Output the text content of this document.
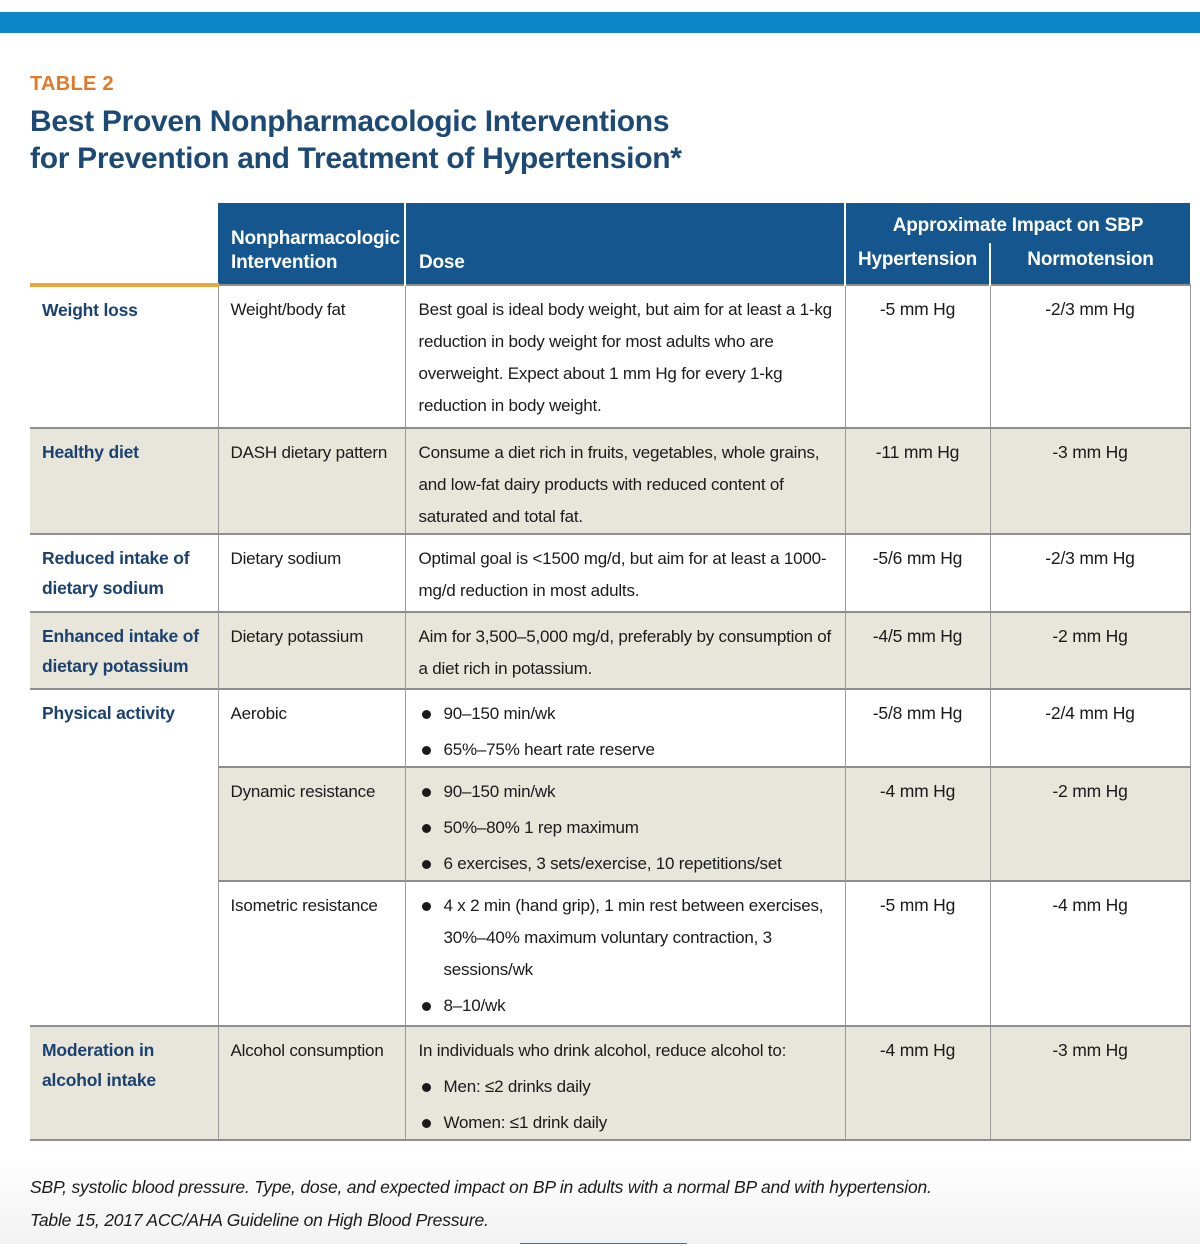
TABLE 2
Best Proven Nonpharmacologic Interventions
for Prevention and Treatment of Hypertension*
	Nonpharmacologic Intervention	Dose	Approximate Impact on SBP	
			Hypertension	Normotension
Weight loss	Weight/body fat	Best goal is ideal body weight, but aim for at least a 1-kg reduction in body weight for most adults who are overweight. Expect about 1 mm Hg for every 1-kg reduction in body weight.	-5 mm Hg	-2/3 mm Hg
Healthy diet	DASH dietary pattern	Consume a diet rich in fruits, vegetables, whole grains, and low-fat dairy products with reduced content of saturated and total fat.	-11 mm Hg	-3 mm Hg
Reduced intake of dietary sodium	Dietary sodium	Optimal goal is <1500 mg/d, but aim for at least a 1000-mg/d reduction in most adults.	-5/6 mm Hg	-2/3 mm Hg
Enhanced intake of dietary potassium	Dietary potassium	Aim for 3,500–5,000 mg/d, preferably by consumption of a diet rich in potassium.	-4/5 mm Hg	-2 mm Hg
Physical activity	Aerobic	90–150 min/wk
65%–75% heart rate reserve	-5/8 mm Hg	-2/4 mm Hg
	Dynamic resistance	90–150 min/wk
50%–80% 1 rep maximum
6 exercises, 3 sets/exercise, 10 repetitions/set	-4 mm Hg	-2 mm Hg
	Isometric resistance	4 x 2 min (hand grip), 1 min rest between exercises, 30%–40% maximum voluntary contraction, 3 sessions/wk
8–10/wk	-5 mm Hg	-4 mm Hg
Moderation in alcohol intake	Alcohol consumption	In individuals who drink alcohol, reduce alcohol to:
Men: ≤2 drinks daily
Women: ≤1 drink daily	-4 mm Hg	-3 mm Hg
SBP, systolic blood pressure. Type, dose, and expected impact on BP in adults with a normal BP and with hypertension.
Table 15, 2017 ACC/AHA Guideline on High Blood Pressure.
